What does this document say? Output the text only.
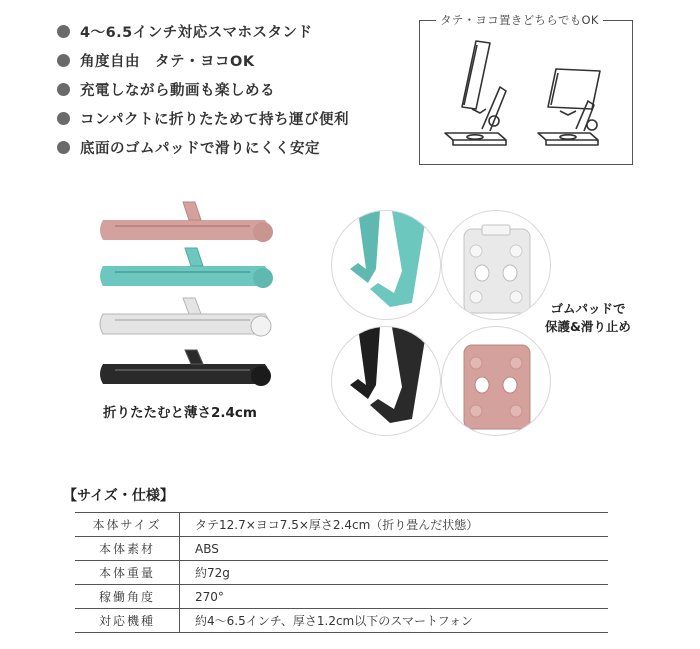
4～6.5インチ対応スマホスタンド
角度自由　タテ・ヨコOK
充電しながら動画も楽しめる
コンパクトに折りたためて持ち運び便利
底面のゴムパッドで滑りにくく安定
タテ・ヨコ置きどちらでもOK
折りたたむと薄さ2.4cm
ゴムパッドで
保護&滑り止め
【サイズ・仕様】
本体サイズ	タテ12.7×ヨコ7.5×厚さ2.4cm（折り畳んだ状態）
本体素材	ABS
本体重量	約72g
稼働角度	270°
対応機種	約4～6.5インチ、厚さ1.2cm以下のスマートフォン
